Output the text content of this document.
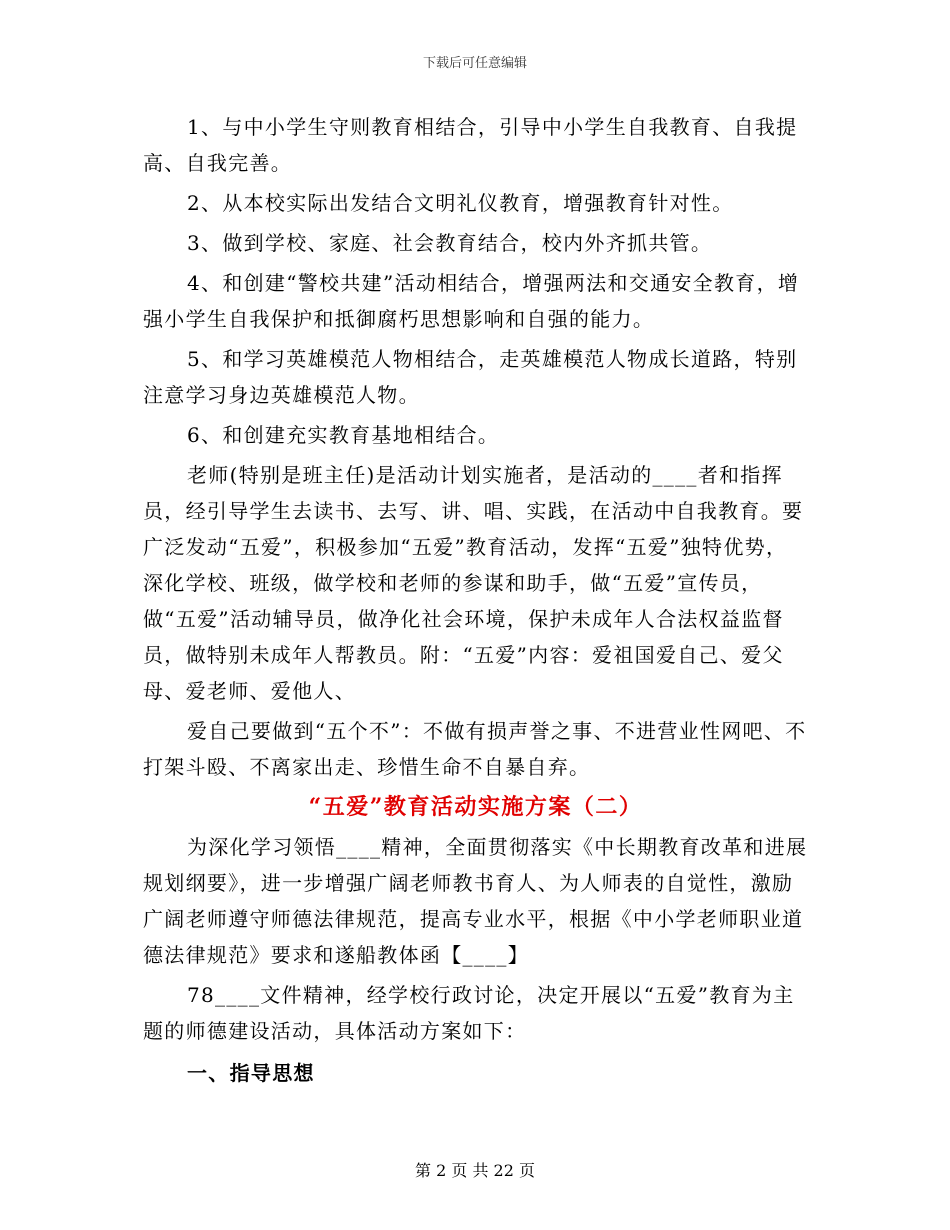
下载后可任意编辑

1、与中小学生守则教育相结合，引导中小学生自我教育、自我提高、自我完善。

2、从本校实际出发结合文明礼仪教育，增强教育针对性。

3、做到学校、家庭、社会教育结合，校内外齐抓共管。

4、和创建“警校共建”活动相结合，增强两法和交通安全教育，增强小学生自我保护和抵御腐朽思想影响和自强的能力。

5、和学习英雄模范人物相结合，走英雄模范人物成长道路，特别注意学习身边英雄模范人物。

6、和创建充实教育基地相结合。

老师(特别是班主任)是活动计划实施者，是活动的____者和指挥员，经引导学生去读书、去写、讲、唱、实践，在活动中自我教育。要广泛发动“五爱”，积极参加“五爱”教育活动，发挥“五爱”独特优势，深化学校、班级，做学校和老师的参谋和助手，做“五爱”宣传员，做“五爱”活动辅导员，做净化社会环境，保护未成年人合法权益监督员，做特别未成年人帮教员。附：“五爱”内容：爱祖国爱自己、爱父母、爱老师、爱他人、

爱自己要做到“五个不”：不做有损声誉之事、不进营业性网吧、不打架斗殴、不离家出走、珍惜生命不自暴自弃。

“五爱”教育活动实施方案（二）

为深化学习领悟____精神，全面贯彻落实《中长期教育改革和进展规划纲要》，进一步增强广阔老师教书育人、为人师表的自觉性，激励广阔老师遵守师德法律规范，提高专业水平，根据《中小学老师职业道德法律规范》要求和遂船教体函【____】

78____文件精神，经学校行政讨论，决定开展以“五爱”教育为主题的师德建设活动，具体活动方案如下：

一、指导思想

第 2 页 共 22 页
